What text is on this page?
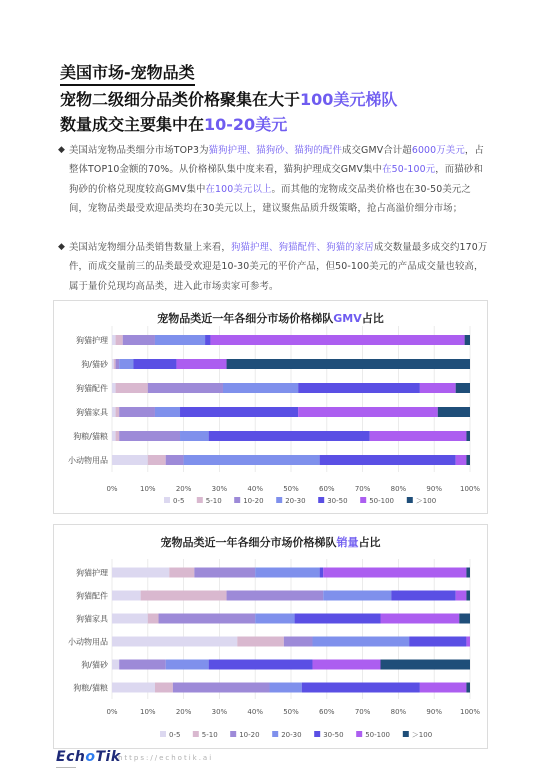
美国市场-宠物品类
宠物二级细分品类价格聚集在大于100美元梯队
数量成交主要集中在10-20美元
◆ 美国站宠物品类细分市场TOP3为猫狗护理、猫狗砂、猫狗的配件成交GMV合计超6000万美元，占整体TOP10金额的70%。从价格梯队集中度来看，猫狗护理成交GMV集中在50-100元，而猫砂和狗砂的价格兑现度较高GMV集中在100美元以上。而其他的宠物成交品类价格也在30-50美元之间，宠物品类最受欢迎品类均在30美元以上，建议聚焦品质升级策略，抢占高溢价细分市场；
◆ 美国站宠物细分品类销售数量上来看，狗猫护理、狗猫配件、狗猫的家居成交数量最多成交约170万件，而成交量前三的品类最受欢迎是10-30美元的平价产品，但50-100美元的产品成交量也较高，属于量价兑现均高品类，进入此市场卖家可参考。
宠物品类近一年各细分市场价格梯队GMV占比
0%	10%	20%	30%	40%	50%	60%	70%	80%	90%	100%
狗猫护理
狗/猫砂
狗猫配件
狗猫家具
狗粮/猫粮
小动物用品
0-5	5-10	10-20	20-30	30-50	50-100	＞100
宠物品类近一年各细分市场价格梯队销量占比
0%	10%	20%	30%	40%	50%	60%	70%	80%	90%	100%
狗猫护理
狗猫配件
狗猫家具
小动物用品
狗/猫砂
狗粮/猫粮
0-5	5-10	10-20	20-30	30-50	50-100	＞100
EchoTik
https://echotik.ai
